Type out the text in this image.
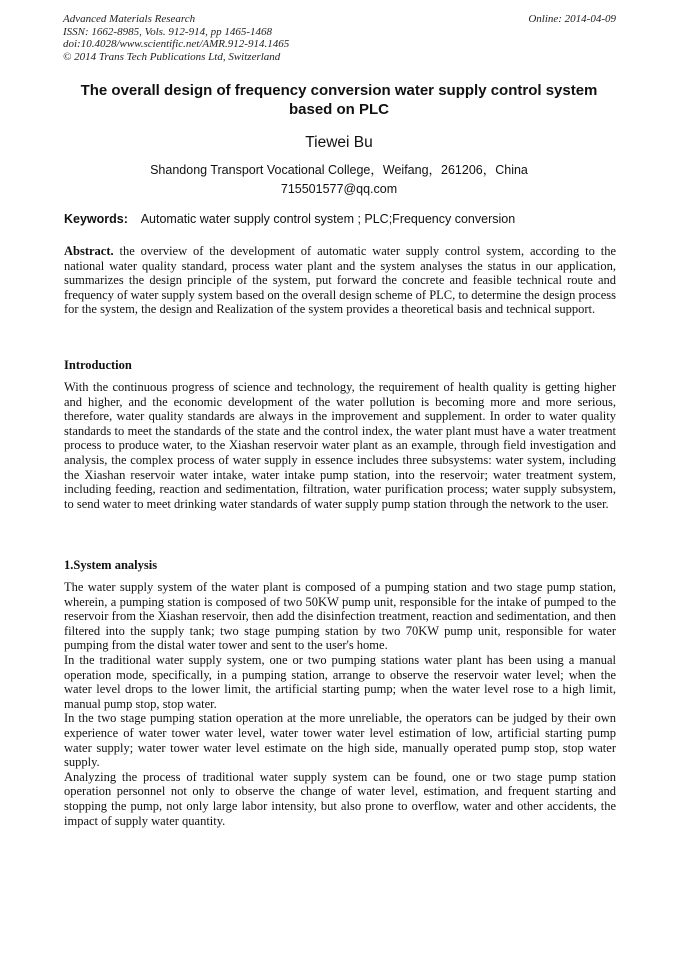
Advanced Materials Research
ISSN: 1662-8985, Vols. 912-914, pp 1465-1468
doi:10.4028/www.scientific.net/AMR.912-914.1465
© 2014 Trans Tech Publications Ltd, Switzerland
Online: 2014-04-09
The overall design of frequency conversion water supply control system based on PLC
Tiewei Bu
Shandong Transport Vocational College，Weifang，261206，China
715501577@qq.com
Keywords: Automatic water supply control system ; PLC;Frequency conversion
Abstract. the overview of the development of automatic water supply control system, according to the national water quality standard, process water plant and the system analyses the status in our application, summarizes the design principle of the system, put forward the concrete and feasible technical route and frequency of water supply system based on the overall design scheme of PLC, to determine the design process for the system, the design and Realization of the system provides a theoretical basis and technical support.
Introduction

With the continuous progress of science and technology, the requirement of health quality is getting higher and higher, and the economic development of the water pollution is becoming more and more serious, therefore, water quality standards are always in the improvement and supplement. In order to water quality standards to meet the standards of the state and the control index, the water plant must have a water treatment process to produce water, to the Xiashan reservoir water plant as an example, through field investigation and analysis, the complex process of water supply in essence includes three subsystems: water system, including the Xiashan reservoir water intake, water intake pump station, into the reservoir; water treatment system, including feeding, reaction and sedimentation, filtration, water purification process; water supply subsystem, to send water to meet drinking water standards of water supply pump station through the network to the user.

1.System analysis

The water supply system of the water plant is composed of a pumping station and two stage pump station, wherein, a pumping station is composed of two 50KW pump unit, responsible for the intake of pumped to the reservoir from the Xiashan reservoir, then add the disinfection treatment, reaction and sedimentation, and then filtered into the supply tank; two stage pumping station by two 70KW pump unit, responsible for water pumping from the distal water tower and sent to the user's home.

In the traditional water supply system, one or two pumping stations water plant has been using a manual operation mode, specifically, in a pumping station, arrange to observe the reservoir water level; when the water level drops to the lower limit, the artificial starting pump; when the water level rose to a high limit, manual pump stop, stop water.

In the two stage pumping station operation at the more unreliable, the operators can be judged by their own experience of water tower water level, water tower water level estimation of low, artificial starting pump water supply; water tower water level estimate on the high side, manually operated pump stop, stop water supply.

Analyzing the process of traditional water supply system can be found, one or two stage pump station operation personnel not only to observe the change of water level, estimation, and frequent starting and stopping the pump, not only large labor intensity, but also prone to overflow, water and other accidents, the impact of supply water quantity.
